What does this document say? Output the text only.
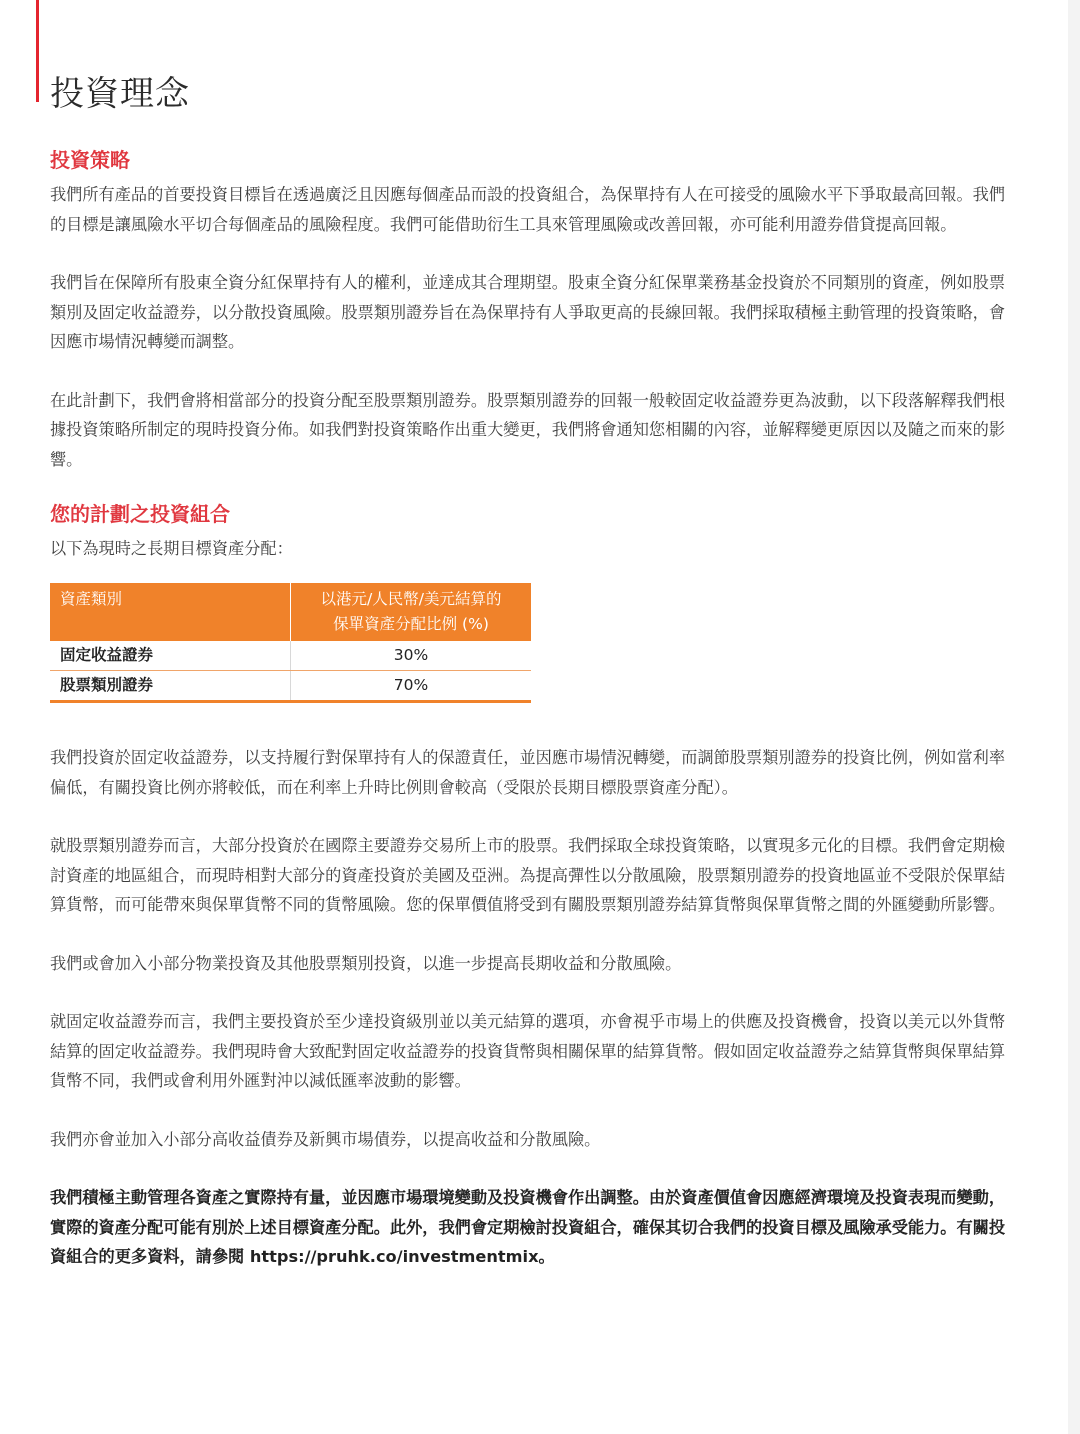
投資理念
投資策略

我們所有產品的首要投資目標旨在透過廣泛且因應每個產品而設的投資組合，為保單持有人在可接受的風險水平下爭取最高回報。我們的目標是讓風險水平切合每個產品的風險程度。我們可能借助衍生工具來管理風險或改善回報，亦可能利用證券借貸提高回報。

我們旨在保障所有股東全資分紅保單持有人的權利，並達成其合理期望。股東全資分紅保單業務基金投資於不同類別的資產，例如股票類別及固定收益證券，以分散投資風險。股票類別證券旨在為保單持有人爭取更高的長線回報。我們採取積極主動管理的投資策略，會因應市場情況轉變而調整。

在此計劃下，我們會將相當部分的投資分配至股票類別證券。股票類別證券的回報一般較固定收益證券更為波動，以下段落解釋我們根據投資策略所制定的現時投資分佈。如我們對投資策略作出重大變更，我們將會通知您相關的內容，並解釋變更原因以及隨之而來的影響。

您的計劃之投資組合

以下為現時之長期目標資產分配：

資產類別	以港元/人民幣/美元結算的
保單資產分配比例 (%)

固定收益證券	30%
股票類別證券	70%

我們投資於固定收益證券，以支持履行對保單持有人的保證責任，並因應市場情況轉變，而調節股票類別證券的投資比例，例如當利率偏低，有關投資比例亦將較低，而在利率上升時比例則會較高（受限於長期目標股票資產分配）。

就股票類別證券而言，大部分投資於在國際主要證券交易所上市的股票。我們採取全球投資策略，以實現多元化的目標。我們會定期檢討資產的地區組合，而現時相對大部分的資產投資於美國及亞洲。為提高彈性以分散風險，股票類別證券的投資地區並不受限於保單結算貨幣，而可能帶來與保單貨幣不同的貨幣風險。您的保單價值將受到有關股票類別證券結算貨幣與保單貨幣之間的外匯變動所影響。

我們或會加入小部分物業投資及其他股票類別投資，以進一步提高長期收益和分散風險。

就固定收益證券而言，我們主要投資於至少達投資級別並以美元結算的選項，亦會視乎市場上的供應及投資機會，投資以美元以外貨幣結算的固定收益證券。我們現時會大致配對固定收益證券的投資貨幣與相關保單的結算貨幣。假如固定收益證券之結算貨幣與保單結算貨幣不同，我們或會利用外匯對沖以減低匯率波動的影響。

我們亦會並加入小部分高收益債券及新興市場債券，以提高收益和分散風險。

我們積極主動管理各資產之實際持有量，並因應市場環境變動及投資機會作出調整。由於資產價值會因應經濟環境及投資表現而變動，實際的資產分配可能有別於上述目標資產分配。此外，我們會定期檢討投資組合，確保其切合我們的投資目標及風險承受能力。有關投資組合的更多資料，請參閱 https://pruhk.co/investmentmix。
